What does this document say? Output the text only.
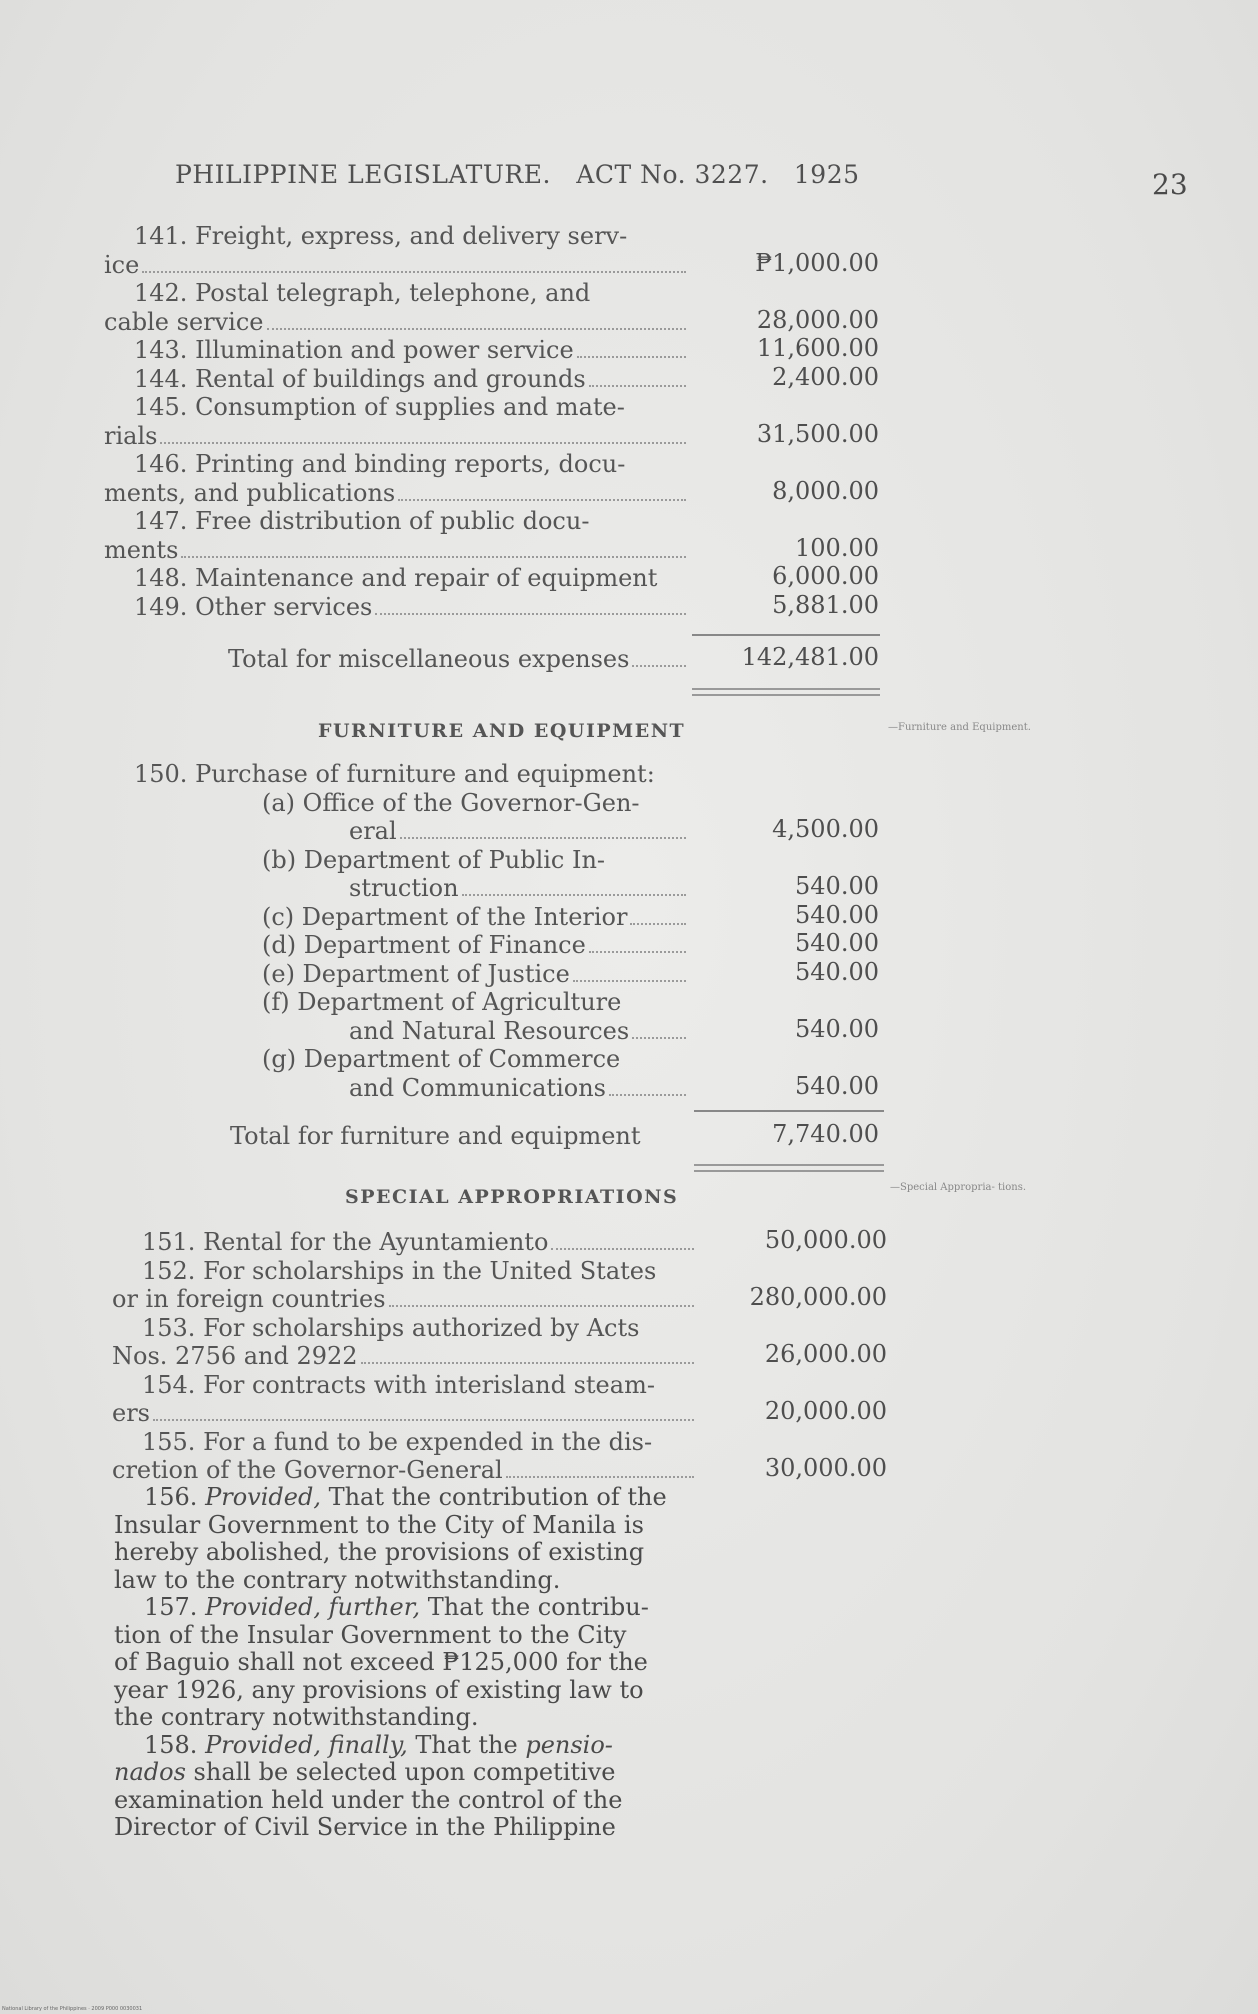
PHILIPPINE LEGISLATURE. ACT No. 3227. 1925	23
141. Freight, express, and delivery serv-
ice	₱1,000.00
142. Postal telegraph, telephone, and
cable service	28,000.00
143. Illumination and power service	11,600.00
144. Rental of buildings and grounds	2,400.00
145. Consumption of supplies and mate-
rials	31,500.00
146. Printing and binding reports, docu-
ments, and publications	8,000.00
147. Free distribution of public docu-
ments	100.00
148. Maintenance and repair of equipment	6,000.00
149. Other services	5,881.00
Total for miscellaneous expenses	142,481.00
FURNITURE AND EQUIPMENT	—Furniture and Equipment.
150. Purchase of furniture and equipment:
(a) Office of the Governor-Gen-
eral	4,500.00
(b) Department of Public In-
struction	540.00
(c) Department of the Interior	540.00
(d) Department of Finance	540.00
(e) Department of Justice	540.00
(f) Department of Agriculture
and Natural Resources	540.00
(g) Department of Commerce
and Communications	540.00
Total for furniture and equipment	7,740.00
SPECIAL APPROPRIATIONS	—Special Appropria- tions.
151. Rental for the Ayuntamiento	50,000.00
152. For scholarships in the United States
or in foreign countries	280,000.00
153. For scholarships authorized by Acts
Nos. 2756 and 2922	26,000.00
154. For contracts with interisland steam-
ers	20,000.00
155. For a fund to be expended in the dis-
cretion of the Governor-General	30,000.00
156.
Provided,
That the contribution of the
Insular Government to the City of Manila is
hereby abolished, the provisions of existing
law to the contrary notwithstanding.
157.
Provided, further,
That the contribu-
tion of the Insular Government to the City
of Baguio shall not exceed ₱125,000 for the
year 1926, any provisions of existing law to
the contrary notwithstanding.
158.
Provided, finally,
That the
pensio-
nados
shall be selected upon competitive
examination held under the control of the
Director of Civil Service in the Philippine
National Library of the Philippines · 2009 P000 0030031
